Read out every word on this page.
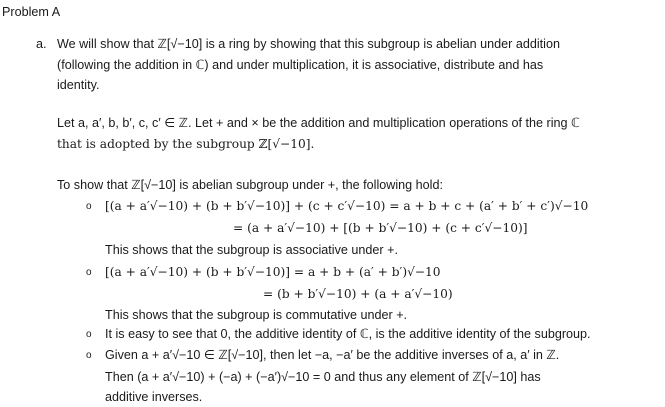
Problem A
a. We will show that ℤ[√−10] is a ring by showing that this subgroup is abelian under addition
(following the addition in ℂ) and under multiplication, it is associative, distribute and has
identity.
Let a, a′, b, b′, c, c′ ∈ ℤ. Let + and × be the addition and multiplication operations of the ring ℂ
that is adopted by the subgroup ℤ[√−10].
To show that ℤ[√−10] is abelian subgroup under +, the following hold:
o [(a + a′√−10) + (b + b′√−10)] + (c + c′√−10) = a + b + c + (a′ + b′ + c′)√−10
= (a + a′√−10) + [(b + b′√−10) + (c + c′√−10)]
This shows that the subgroup is associative under +.
o [(a + a′√−10) + (b + b′√−10)] = a + b + (a′ + b′)√−10
= (b + b′√−10) + (a + a′√−10)
This shows that the subgroup is commutative under +.
o It is easy to see that 0, the additive identity of ℂ, is the additive identity of the subgroup.
o Given a + a′√−10 ∈ ℤ[√−10], then let −a, −a′ be the additive inverses of a, a′ in ℤ.
Then (a + a′√−10) + (−a) + (−a′)√−10 = 0 and thus any element of ℤ[√−10] has
additive inverses.
